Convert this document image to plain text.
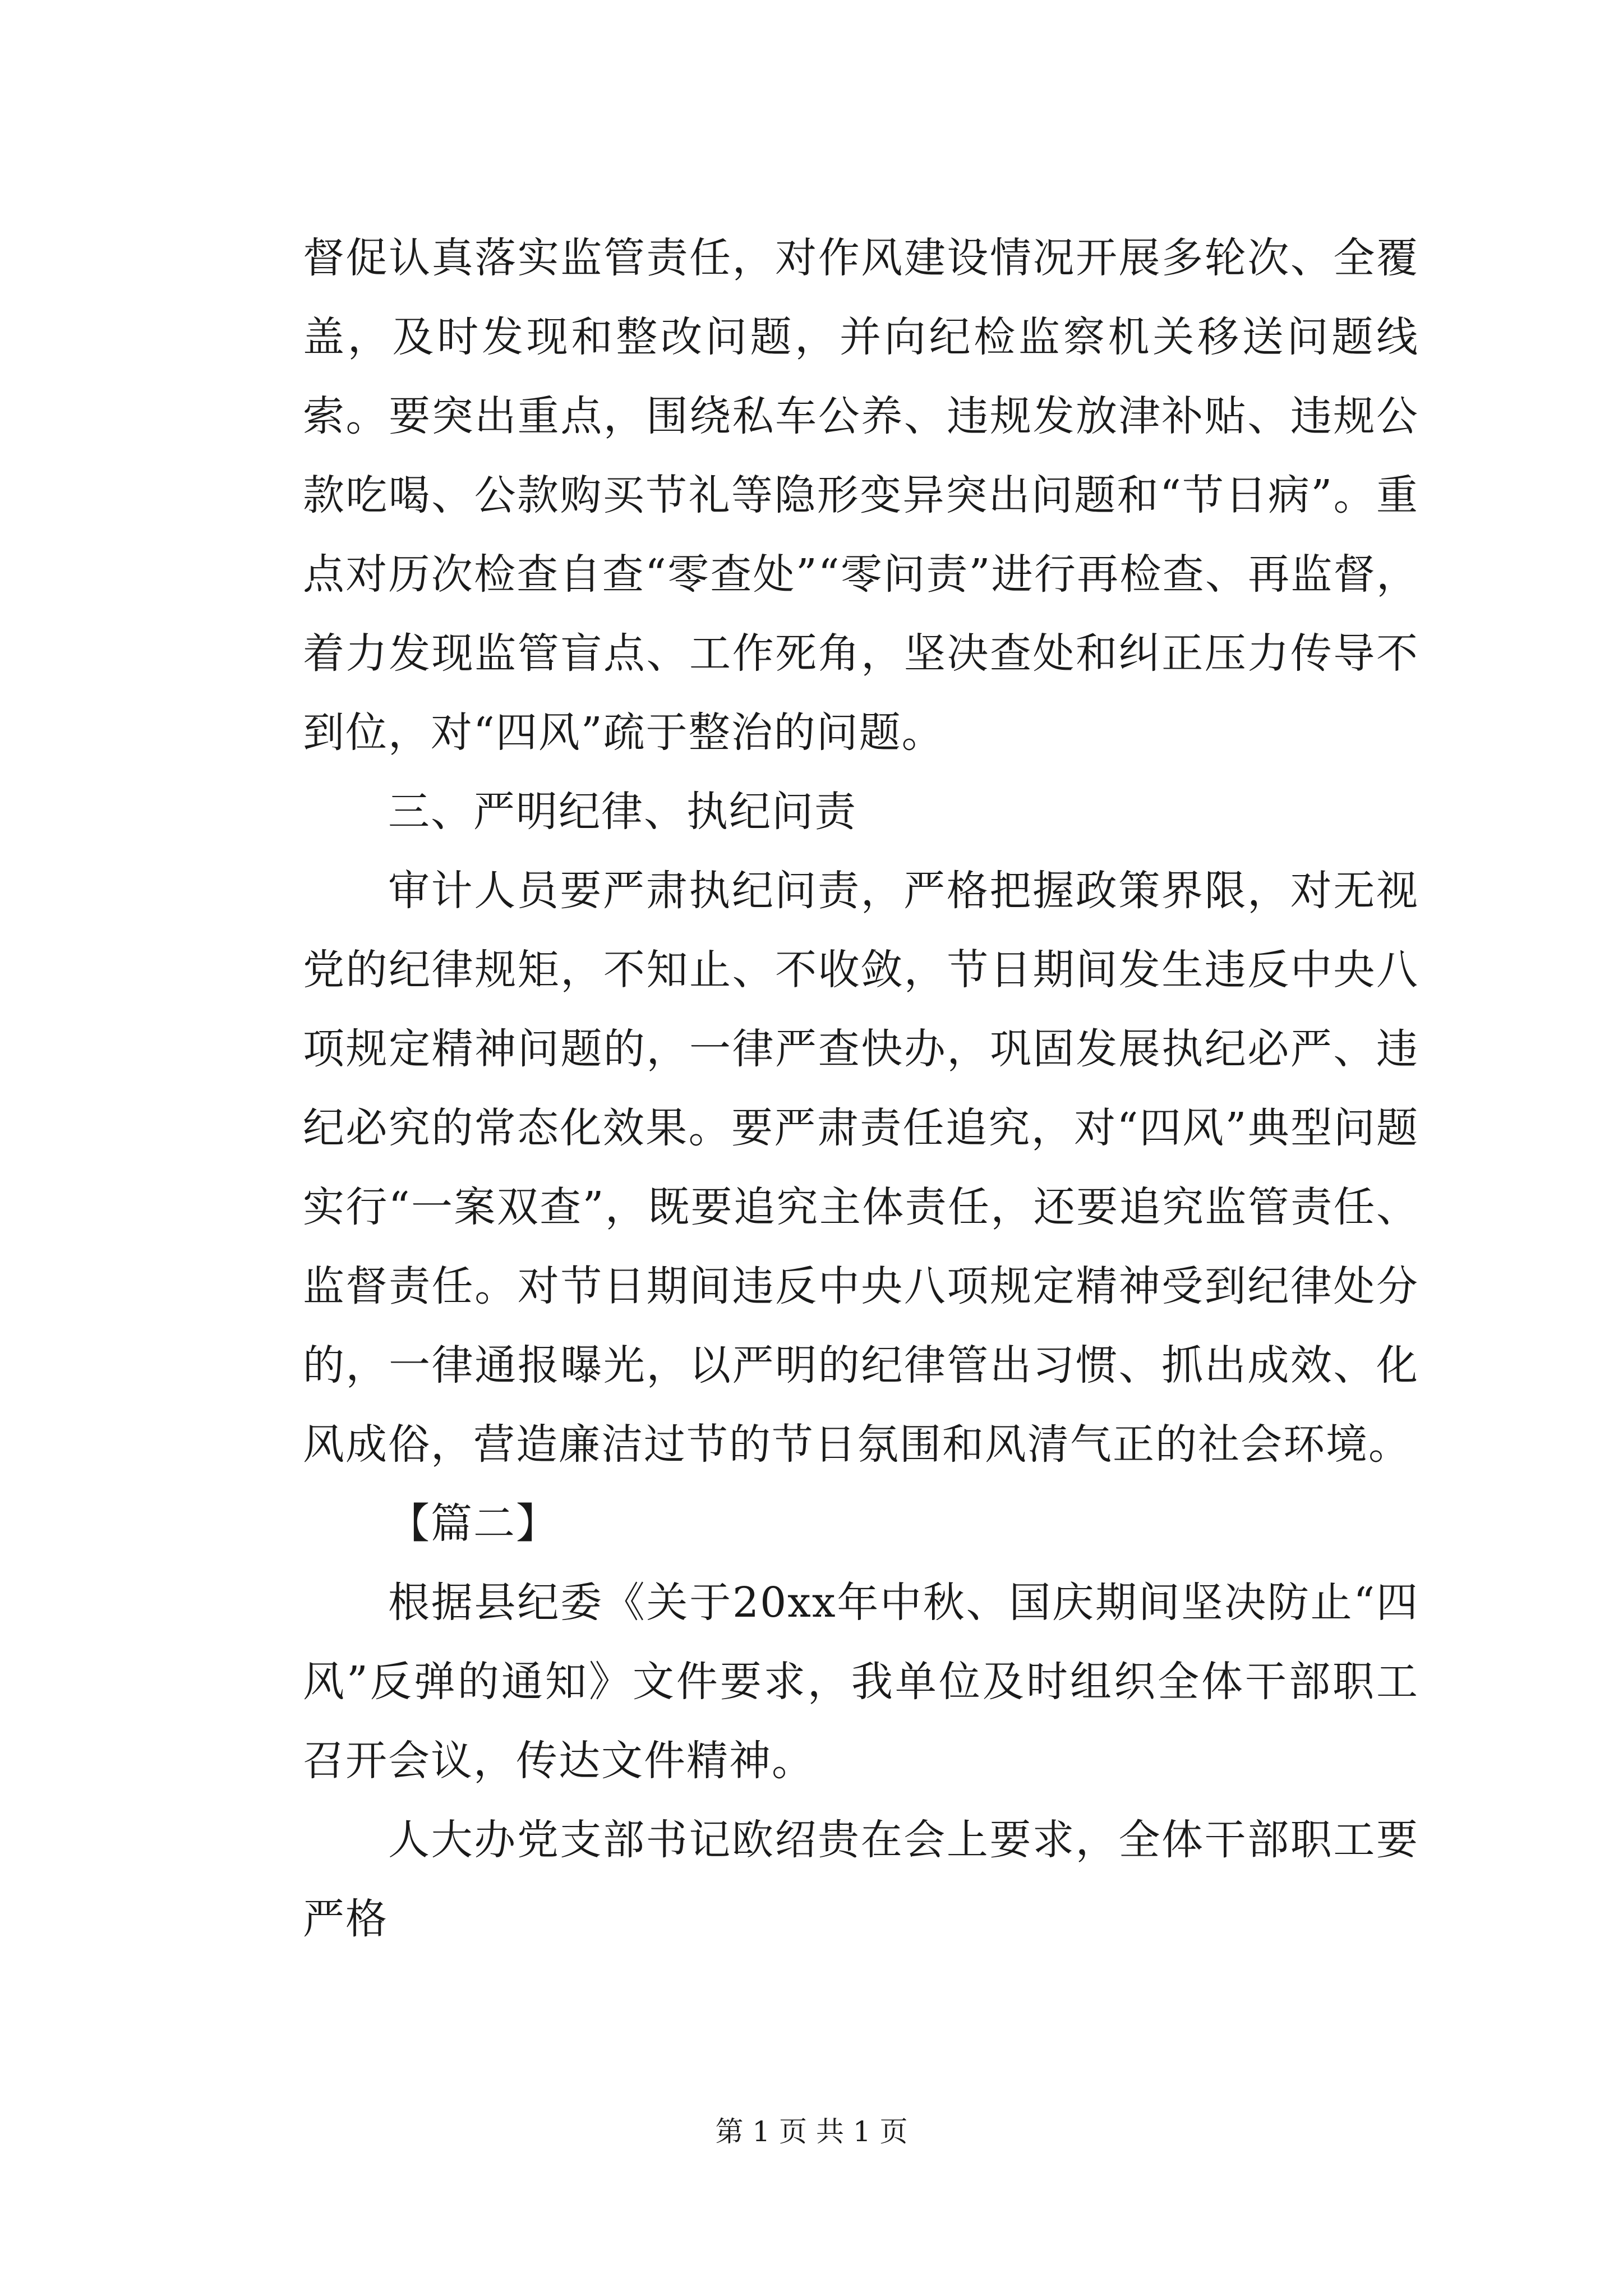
督促认真落实监管责任，对作风建设情况开展多轮次、全覆盖，及时发现和整改问题，并向纪检监察机关移送问题线索。要突出重点，围绕私车公养、违规发放津补贴、违规公款吃喝、公款购买节礼等隐形变异突出问题和“节日病”。重点对历次检查自查“零查处”“零问责”进行再检查、再监督，着力发现监管盲点、工作死角，坚决查处和纠正压力传导不到位，对“四风”疏于整治的问题。

三、严明纪律、执纪问责

审计人员要严肃执纪问责，严格把握政策界限，对无视党的纪律规矩，不知止、不收敛，节日期间发生违反中央八项规定精神问题的，一律严查快办，巩固发展执纪必严、违纪必究的常态化效果。要严肃责任追究，对“四风”典型问题实行“一案双查”，既要追究主体责任，还要追究监管责任、监督责任。对节日期间违反中央八项规定精神受到纪律处分的，一律通报曝光，以严明的纪律管出习惯、抓出成效、化风成俗，营造廉洁过节的节日氛围和风清气正的社会环境。

【篇二】

根据县纪委《关于20xx年中秋、国庆期间坚决防止“四风”反弹的通知》文件要求，我单位及时组织全体干部职工召开会议，传达文件精神。

人大办党支部书记欧绍贵在会上要求，全体干部职工要严格

第 1 页 共 1 页
